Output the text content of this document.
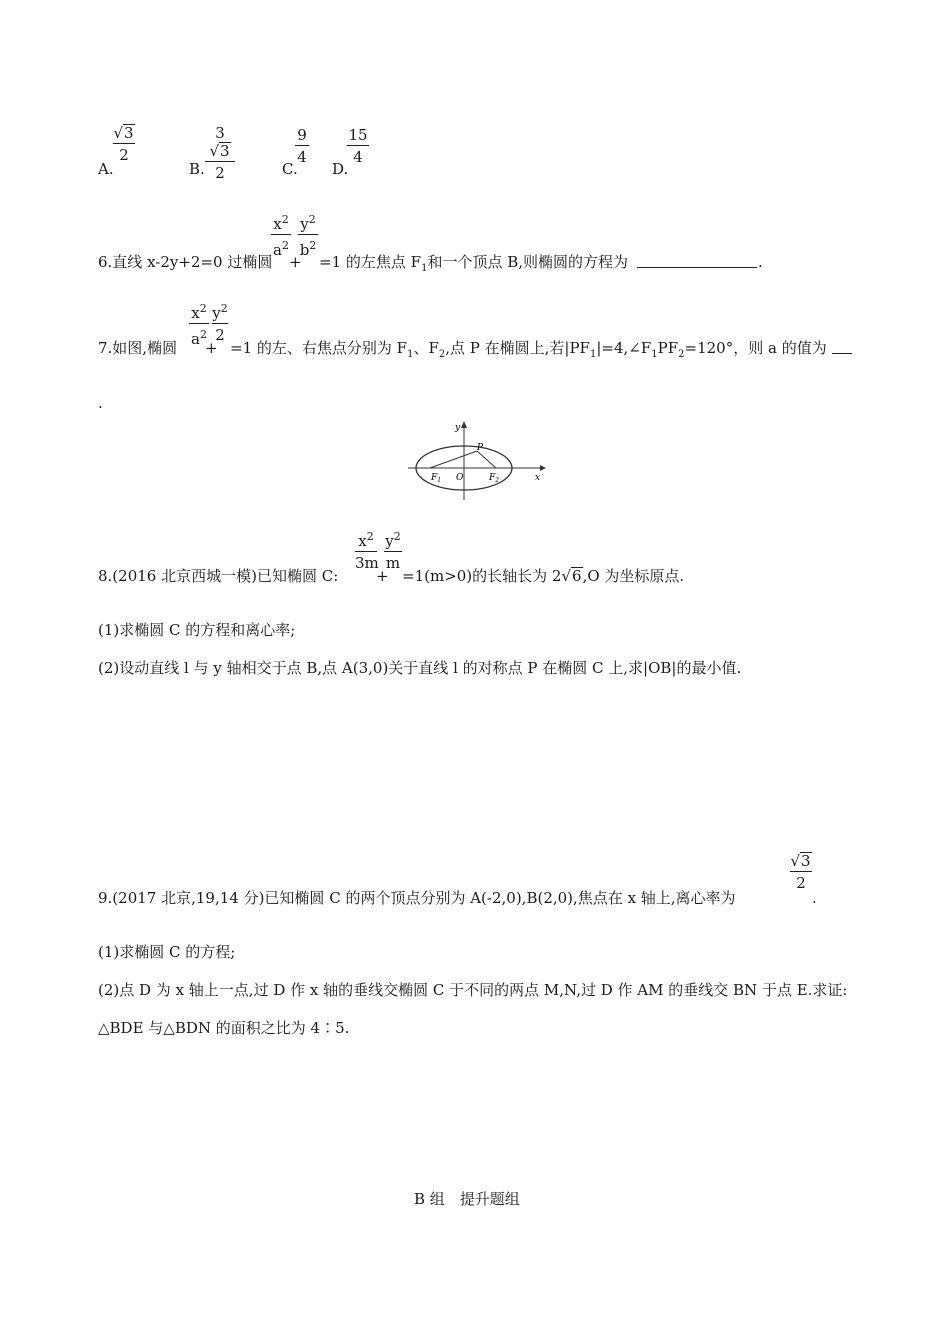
A.
√3
2
B.
3√3
2	C.
9
4
D.
15
4
6.直线 x-2y+2=0 过椭圆
$x^2$
$a^2$
+
$y^2$
$b^2$
=1 的左焦点 $F_1$和一个顶点 B,则椭圆的方程为	.
7.如图,椭圆
$x^2$
$a^2$
+
$y^2$
2
=1 的左、右焦点分别为 $F_1$、$F_2$,点 P 在椭圆上,若$|PF_1|=4,\angle F_1PF_2=120^\circ$，则 a 的值为
.
y
x
P
O
$F_1$	$F_2$
8.(2016 北京西城一模)已知椭圆 C:
$x^2$
3m
+
$y^2$
m
=1(m>0)的长轴长为 2√6,O 为坐标原点.
(1)求椭圆 C 的方程和离心率;
(2)设动直线 l 与 y 轴相交于点 B,点 A(3,0)关于直线 l 的对称点 P 在椭圆 C 上,求|OB|的最小值.
9.(2017 北京,19,14 分)已知椭圆 C 的两个顶点分别为 A(-2,0),B(2,0),焦点在 x 轴上,离心率为
√3
2
.
(1)求椭圆 C 的方程;
(2)点 D 为 x 轴上一点,过 D 作 x 轴的垂线交椭圆 C 于不同的两点 M,N,过 D 作 AM 的垂线交 BN 于点 E.求证:
△BDE 与△BDN 的面积之比为 4∶5.
B 组　提升题组
